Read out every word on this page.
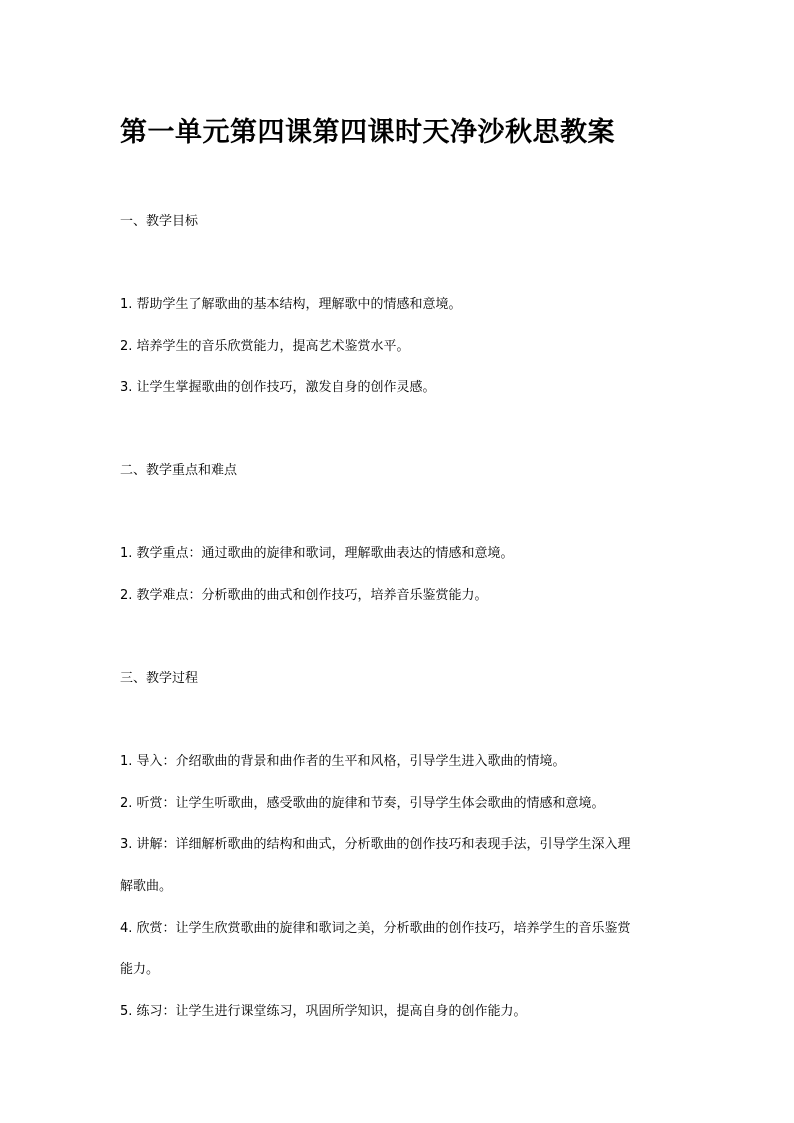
第一单元第四课第四课时天净沙秋思教案
一、教学目标
1. 帮助学生了解歌曲的基本结构，理解歌中的情感和意境。
2. 培养学生的音乐欣赏能力，提高艺术鉴赏水平。
3. 让学生掌握歌曲的创作技巧，激发自身的创作灵感。
二、教学重点和难点
1. 教学重点：通过歌曲的旋律和歌词，理解歌曲表达的情感和意境。
2. 教学难点：分析歌曲的曲式和创作技巧，培养音乐鉴赏能力。
三、教学过程
1. 导入：介绍歌曲的背景和曲作者的生平和风格，引导学生进入歌曲的情境。
2. 听赏：让学生听歌曲，感受歌曲的旋律和节奏，引导学生体会歌曲的情感和意境。
3. 讲解：详细解析歌曲的结构和曲式，分析歌曲的创作技巧和表现手法，引导学生深入理
解歌曲。
4. 欣赏：让学生欣赏歌曲的旋律和歌词之美，分析歌曲的创作技巧，培养学生的音乐鉴赏
能力。
5. 练习：让学生进行课堂练习，巩固所学知识，提高自身的创作能力。
